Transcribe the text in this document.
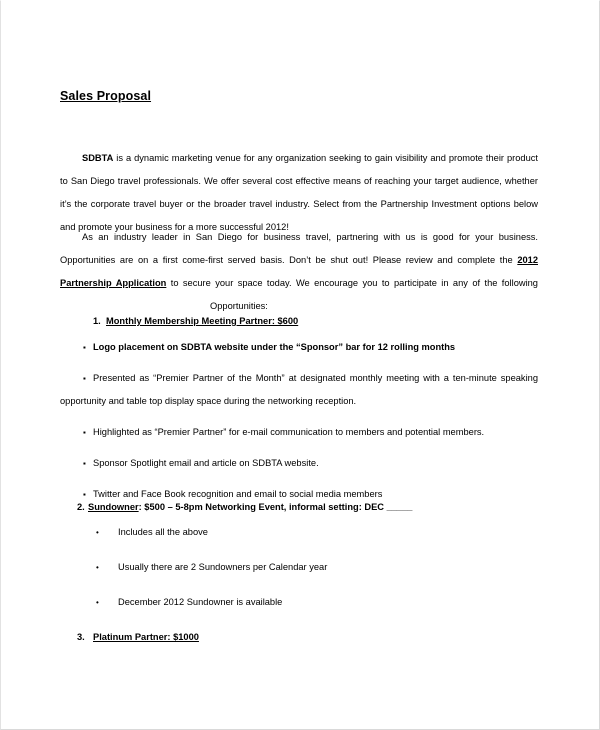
Sales Proposal

SDBTA is a dynamic marketing venue for any organization seeking to gain visibility and promote their product to San Diego travel professionals. We offer several cost effective means of reaching your target audience, whether it’s the corporate travel buyer or the broader travel industry. Select from the Partnership Investment options below and promote your business for a more successful 2012!

As an industry leader in San Diego for business travel, partnering with us is good for your business. Opportunities are on a first come-first served basis. Don’t be shut out! Please review and complete the 2012 Partnership Application to secure your space today. We encourage you to participate in any of the followingOpportunities:

1. Monthly Membership Meeting Partner: $600
▪ Logo placement on SDBTA website under the “Sponsor” bar for 12 rolling months
▪ Presented as “Premier Partner of the Month” at designated monthly meeting with a ten-minute speaking opportunity and table top display space during the networking reception.
▪ Highlighted as “Premier Partner” for e-mail communication to members and potential members.
▪ Sponsor Spotlight email and article on SDBTA website.
▪ Twitter and Face Book recognition and email to social media members
2. Sundowner: $500 – 5-8pm Networking Event, informal setting: DEC _____
•	Includes all the above
•	Usually there are 2 Sundowners per Calendar year
•	December 2012 Sundowner is available
3. Platinum Partner: $1000
